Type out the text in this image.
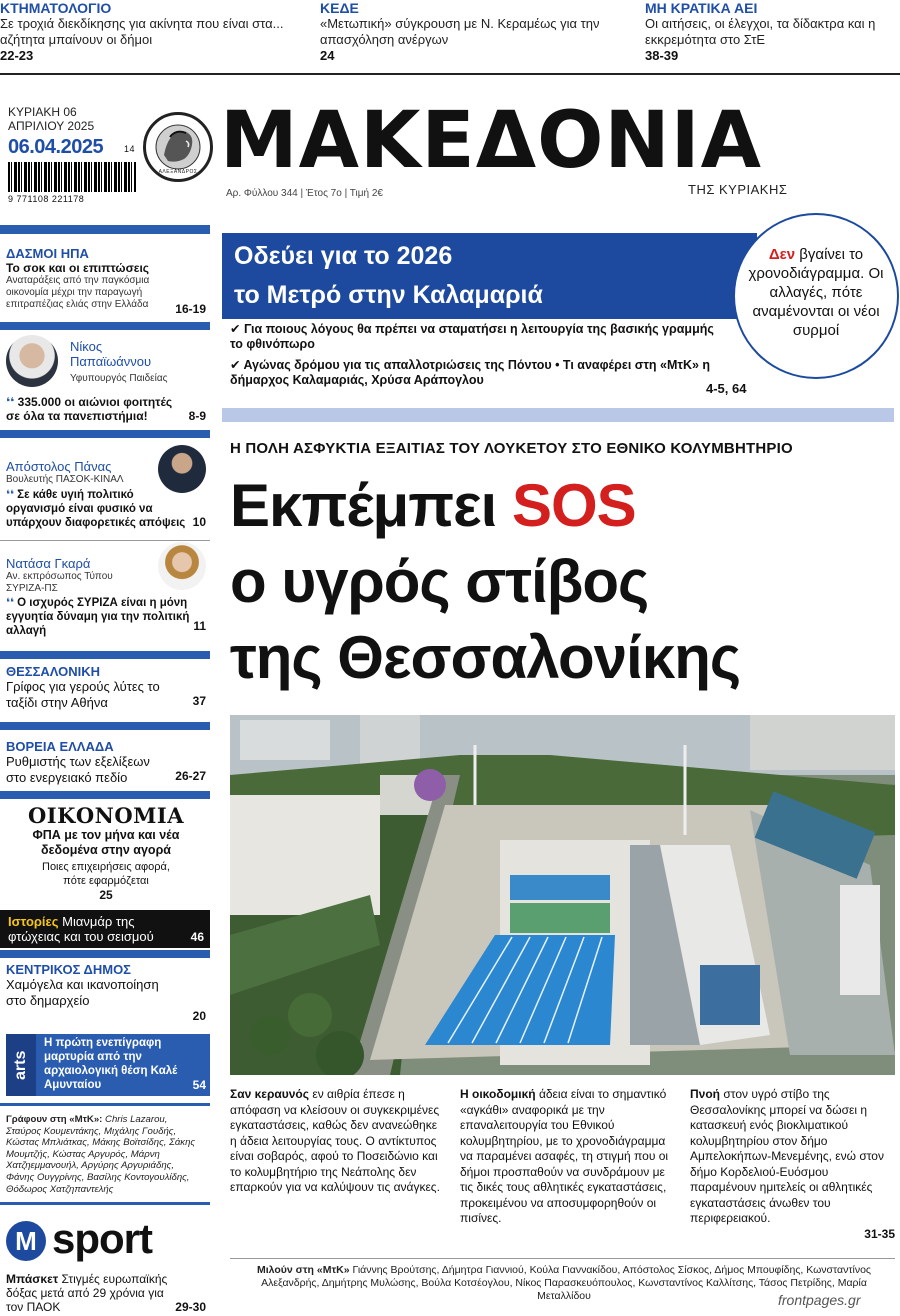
ΚΤΗΜΑΤΟΛΟΓΙΟ
Σε τροχιά διεκδίκησης για ακίνητα που είναι στα... αζήτητα μπαίνουν οι δήμοι
22-23
ΚΕΔΕ
«Μετωπική» σύγκρουση με Ν. Κεραμέως για την απασχόληση ανέργων
24
ΜΗ ΚΡΑΤΙΚΑ ΑΕΙ
Οι αιτήσεις, οι έλεγχοι, τα δίδακτρα και η εκκρεμότητα στο ΣτΕ
38-39
ΚΥΡΙΑΚΗ 06
ΑΠΡΙΛΙΟΥ 2025
06.04.2025
9 771108 221178
14
ΑΛΕΞΑΝΔΡΟΣ ΜΑΚΕΔΟΝΙΑ
ΤΗΣ ΚΥΡΙΑΚΗΣ
Αρ. Φύλλου 344 | Έτος 7ο | Τιμή 2€
ΔΑΣΜΟΙ ΗΠΑ
Το σοκ και οι επιπτώσεις
Αναταράξεις από την παγκόσμια οικονομία μέχρι την παραγωγή επιτραπέζιας ελιάς στην Ελλάδα	16-19
Νίκος Παπαϊωάννου
Υφυπουργός Παιδείας
❛❛ 335.000 οι αιώνιοι φοιτητές σε όλα τα πανεπιστήμια!	8-9
Απόστολος Πάνας
Βουλευτής ΠΑΣΟΚ-ΚΙΝΑΛ
❛❛ Σε κάθε υγιή πολιτικό οργανισμό είναι φυσικό να υπάρχουν διαφορετικές απόψεις 10
Νατάσα Γκαρά
Αν. εκπρόσωπος Τύπου ΣΥΡΙΖΑ-ΠΣ
❛❛ Ο ισχυρός ΣΥΡΙΖΑ είναι η μόνη εγγυητία δύναμη για την πολιτική αλλαγή	11
ΘΕΣΣΑΛΟΝΙΚΗ
Γρίφος για γερούς λύτες το ταξίδι στην Αθήνα	37
ΒΟΡΕΙΑ ΕΛΛΑΔΑ
Ρυθμιστής των εξελίξεων στο ενεργειακό πεδίο	26-27
ΟΙΚΟΝΟΜΙΑ
ΦΠΑ με τον μήνα και νέα δεδομένα στην αγορά
Ποιες επιχειρήσεις αφορά, πότε εφαρμόζεται
25
Ιστορίες Μιανμάρ της φτώχειας και του σεισμού	46
ΚΕΝΤΡΙΚΟΣ ΔΗΜΟΣ
Χαμόγελα και ικανοποίηση στο δημαρχείο
20
arts
Η πρώτη ενεπίγραφη μαρτυρία από την αρχαιολογική θέση Καλέ Αμυνταίου	54
Γράφουν στη «ΜτΚ»: Chris Lazarou, Σταύρος Κουμεντάκης, Μιχάλης Γουδής, Κώστας Μπλιάτκας, Μάκης Βοϊτσίδης, Σάκης Μουμτζής, Κώστας Αργυρός, Μάρνη Χατζηεμμανουήλ, Αργύρης Αργυριάδης, Φάνης Ουγγρίνης, Βασίλης Κοντογουλίδης, Θόδωρος Χατζηπαντελής
M sport
Μπάσκετ Στιγμές ευρωπαϊκής δόξας μετά από 29 χρόνια για τον ΠΑΟΚ	29-30
Οδεύει για το 2026
το Μετρό στην Καλαμαριά

✔ Για ποιους λόγους θα πρέπει να σταματήσει η λειτουργία της βασικής γραμμής το φθινόπωρο

✔ Αγώνας δρόμου για τις απαλλοτριώσεις της Πόντου • Τι αναφέρει στη «ΜτΚ» η δήμαρχος Καλαμαριάς, Χρύσα Αράπογλου

4-5, 64
Δεν βγαίνει το χρονοδιάγραμμα. Οι αλλαγές, πότε αναμένονται οι νέοι συρμοί
Η ΠΟΛΗ ΑΣΦΥΚΤΙΑ ΕΞΑΙΤΙΑΣ ΤΟΥ ΛΟΥΚΕΤΟΥ ΣΤΟ ΕΘΝΙΚΟ ΚΟΛΥΜΒΗΤΗΡΙΟ
Εκπέμπει SOS
ο υγρός στίβος
της Θεσσαλονίκης
Σαν κεραυνός εν αιθρία έπεσε η απόφαση να κλείσουν οι συγκεκριμένες εγκαταστάσεις, καθώς δεν ανανεώθηκε η άδεια λειτουργίας τους. Ο αντίκτυπος είναι σοβαρός, αφού το Ποσειδώνιο και το κολυμβητήριο της Νεάπολης δεν επαρκούν για να καλύψουν τις ανάγκες.
Η οικοδομική άδεια είναι το σημαντικό «αγκάθι» αναφορικά με την επαναλειτουργία του Εθνικού κολυμβητηρίου, με το χρονοδιάγραμμα να παραμένει ασαφές, τη στιγμή που οι δήμοι προσπαθούν να συνδράμουν με τις δικές τους αθλητικές εγκαταστάσεις, προκειμένου να αποσυμφορηθούν οι πισίνες.
Πνοή στον υγρό στίβο της Θεσσαλονίκης μπορεί να δώσει η κατασκευή ενός βιοκλιματικού κολυμβητηρίου στον δήμο Αμπελοκήπων-Μενεμένης, ενώ στον δήμο Κορδελιού-Ευόσμου παραμένουν ημιτελείς οι αθλητικές εγκαταστάσεις άνωθεν του περιφερειακού.
31-35
Μιλούν στη «ΜτΚ» Γιάννης Βρούτσης, Δήμητρα Γιαννιού, Κούλα Γιαννακίδου, Απόστολος Σίσκος, Δήμος Μπουφίδης, Κωνσταντίνος Αλεξανδρής, Δημήτρης Μυλώσης, Βούλα Κοτσέογλου, Νίκος Παρασκευόπουλος, Κωνσταντίνος Καλλίτσης, Τάσος Πετρίδης, Μαρία Μεταλλίδου	frontpages.gr
